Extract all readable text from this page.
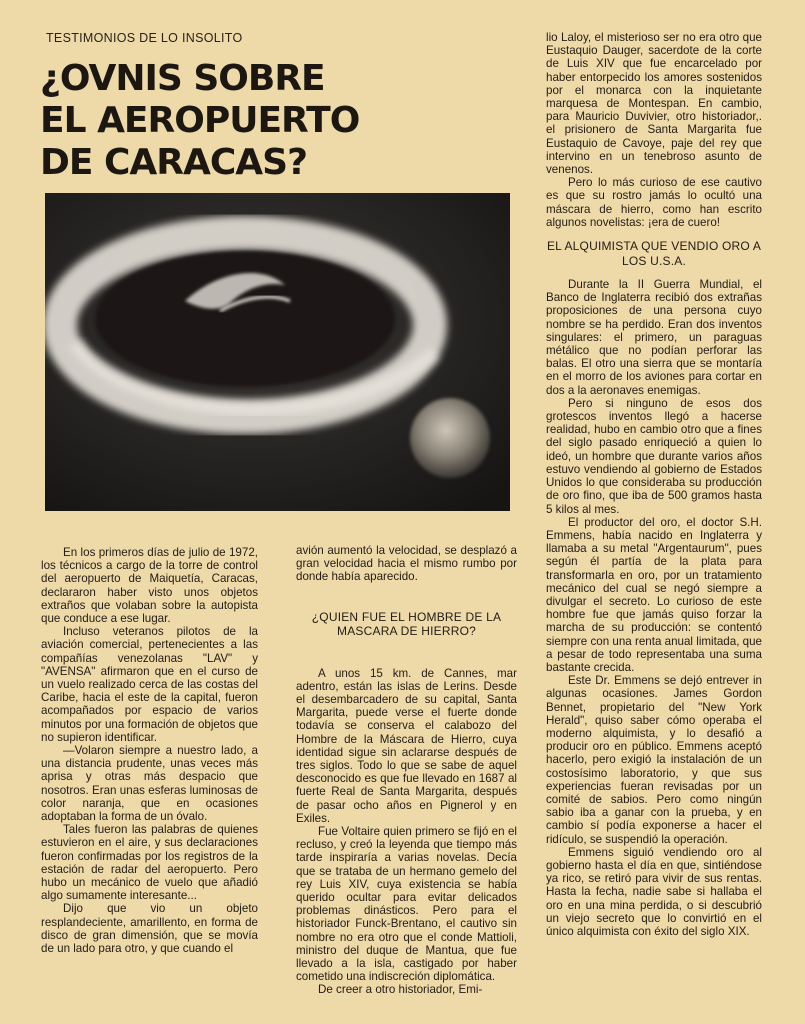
TESTIMONIOS DE LO INSOLITO
¿OVNIS SOBRE
EL AEROPUERTO
DE CARACAS?

En los primeros días de julio de 1972, los técnicos a cargo de la torre de control del aeropuerto de Maiquetía, Caracas, declararon haber visto unos objetos extraños que volaban sobre la autopista que conduce a ese lugar.

Incluso veteranos pilotos de la aviación comercial, pertenecientes a las compañías venezolanas "LAV" y "AVENSA" afirmaron que en el curso de un vuelo realizado cerca de las costas del Caribe, hacia el este de la capital, fueron acompañados por espacio de varios minutos por una formación de objetos que no supieron identificar.

—Volaron siempre a nuestro lado, a una distancia prudente, unas veces más aprisa y otras más despacio que nosotros. Eran unas esferas luminosas de color naranja, que en ocasiones adoptaban la forma de un óvalo.

Tales fueron las palabras de quienes estuvieron en el aire, y sus declaraciones fueron confirmadas por los registros de la estación de radar del aeropuerto. Pero hubo un mecánico de vuelo que añadió algo sumamente interesante...

Dijo que vio un objeto resplandeciente, amarillento, en forma de disco de gran dimensión, que se movía de un lado para otro, y que cuando el

avión aumentó la velocidad, se desplazó a gran velocidad hacia el mismo rumbo por donde había aparecido.

¿QUIEN FUE EL HOMBRE DE LA MASCARA DE HIERRO?

A unos 15 km. de Cannes, mar adentro, están las islas de Lerins. Desde el desembarcadero de su capital, Santa Margarita, puede verse el fuerte donde todavía se conserva el calabozo del Hombre de la Máscara de Hierro, cuya identidad sigue sin aclararse después de tres siglos. Todo lo que se sabe de aquel desconocido es que fue llevado en 1687 al fuerte Real de Santa Margarita, después de pasar ocho años en Pignerol y en Exiles.

Fue Voltaire quien primero se fijó en el recluso, y creó la leyenda que tiempo más tarde inspiraría a varias novelas. Decía que se trataba de un hermano gemelo del rey Luis XIV, cuya existencia se había querido ocultar para evitar delicados problemas dinásticos. Pero para el historiador Funck-Brentano, el cautivo sin nombre no era otro que el conde Mattioli, ministro del duque de Mantua, que fue llevado a la isla, castigado por haber cometido una indiscreción diplomática.

De creer a otro historiador, Emi-

lio Laloy, el misterioso ser no era otro que Eustaquio Dauger, sacerdote de la corte de Luis XIV que fue encarcelado por haber entorpecido los amores sostenidos por el monarca con la inquietante marquesa de Montespan. En cambio, para Mauricio Duvivier, otro historiador,. el prisionero de Santa Margarita fue Eustaquio de Cavoye, paje del rey que intervino en un tenebroso asunto de venenos.

Pero lo más curioso de ese cautivo es que su rostro jamás lo ocultó una máscara de hierro, como han escrito algunos novelistas: ¡era de cuero!

EL ALQUIMISTA QUE VENDIO ORO A LOS U.S.A.

Durante la II Guerra Mundial, el Banco de Inglaterra recibió dos extrañas proposiciones de una persona cuyo nombre se ha perdido. Eran dos inventos singulares: el primero, un paraguas métálico que no podían perforar las balas. El otro una sierra que se montaría en el morro de los aviones para cortar en dos a la aeronaves enemigas.

Pero si ninguno de esos dos grotescos inventos llegó a hacerse realidad, hubo en cambio otro que a fines del siglo pasado enriqueció a quien lo ideó, un hombre que durante varios años estuvo vendiendo al gobierno de Estados Unidos lo que consideraba su producción de oro fino, que iba de 500 gramos hasta 5 kilos al mes.

El productor del oro, el doctor S.H. Emmens, había nacido en Inglaterra y llamaba a su metal "Argentaurum", pues según él partía de la plata para transformarla en oro, por un tratamiento mecánico del cual se negó siempre a divulgar el secreto. Lo curioso de este hombre fue que jamás quiso forzar la marcha de su producción: se contentó siempre con una renta anual limitada, que a pesar de todo representaba una suma bastante crecida.

Este Dr. Emmens se dejó entrever in algunas ocasiones. James Gordon Bennet, propietario del "New York Herald", quiso saber cómo operaba el moderno alquimista, y lo desafió a producir oro en público. Emmens aceptó hacerlo, pero exigió la instalación de un costosísimo laboratorio, y que sus experiencias fueran revisadas por un comité de sabios. Pero como ningún sabio iba a ganar con la prueba, y en cambio sí podía exponerse a hacer el ridículo, se suspendió la operación.

Emmens siguió vendiendo oro al gobierno hasta el día en que, sintiéndose ya rico, se retiró para vivir de sus rentas. Hasta la fecha, nadie sabe si hallaba el oro en una mina perdida, o si descubrió un viejo secreto que lo convirtió en el único alquimista con éxito del siglo XIX.
